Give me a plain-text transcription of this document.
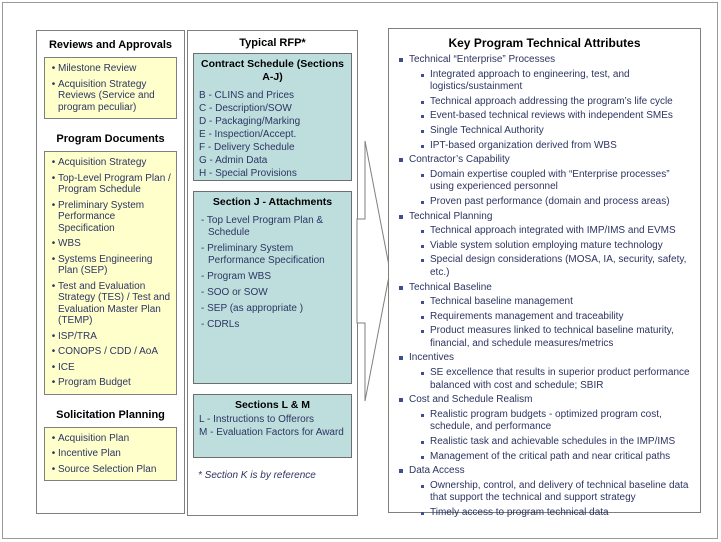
Reviews and Approvals
• Milestone Review
• Acquisition Strategy Reviews (Service and program peculiar)
Program Documents
• Acquisition Strategy
• Top-Level Program Plan / Program Schedule
• Preliminary System Performance Specification
• WBS
• Systems Engineering Plan (SEP)
• Test and Evaluation Strategy (TES) / Test and Evaluation Master Plan (TEMP)
• ISP/TRA
• CONOPS / CDD / AoA
• ICE
• Program Budget
Solicitation Planning
• Acquisition Plan
• Incentive Plan
• Source Selection Plan
Typical RFP*
Contract Schedule (Sections A-J)
B - CLINS and Prices
C - Description/SOW
D - Packaging/Marking
E - Inspection/Accept.
F - Delivery Schedule
G - Admin Data
H - Special Provisions
Section J - Attachments
- Top Level Program Plan & Schedule
- Preliminary System Performance Specification
- Program WBS
- SOO or SOW
- SEP (as appropriate )
- CDRLs
Sections L & M
L - Instructions to Offerors
M - Evaluation Factors for Award
* Section K is by reference
Key Program Technical Attributes
Technical “Enterprise” Processes
Integrated approach to engineering, test, and logistics/sustainment
Technical approach addressing the program’s life cycle
Event-based technical reviews with independent SMEs
Single Technical Authority
IPT-based organization derived from WBS
Contractor’s Capability
Domain expertise coupled with “Enterprise processes” using experienced personnel
Proven past performance (domain and process areas)
Technical Planning
Technical approach integrated with IMP/IMS and EVMS
Viable system solution employing mature technology
Special design considerations (MOSA, IA, security, safety, etc.)
Technical Baseline
Technical baseline management
Requirements management and traceability
Product measures linked to technical baseline maturity, financial, and schedule measures/metrics
Incentives
SE excellence that results in superior product performance balanced with cost and schedule; SBIR
Cost and Schedule Realism
Realistic program budgets - optimized program cost, schedule, and performance
Realistic task and achievable schedules in the IMP/IMS
Management of the critical path and near critical paths
Data Access
Ownership, control, and delivery of technical baseline data that support the technical and support strategy
Timely access to program technical data
